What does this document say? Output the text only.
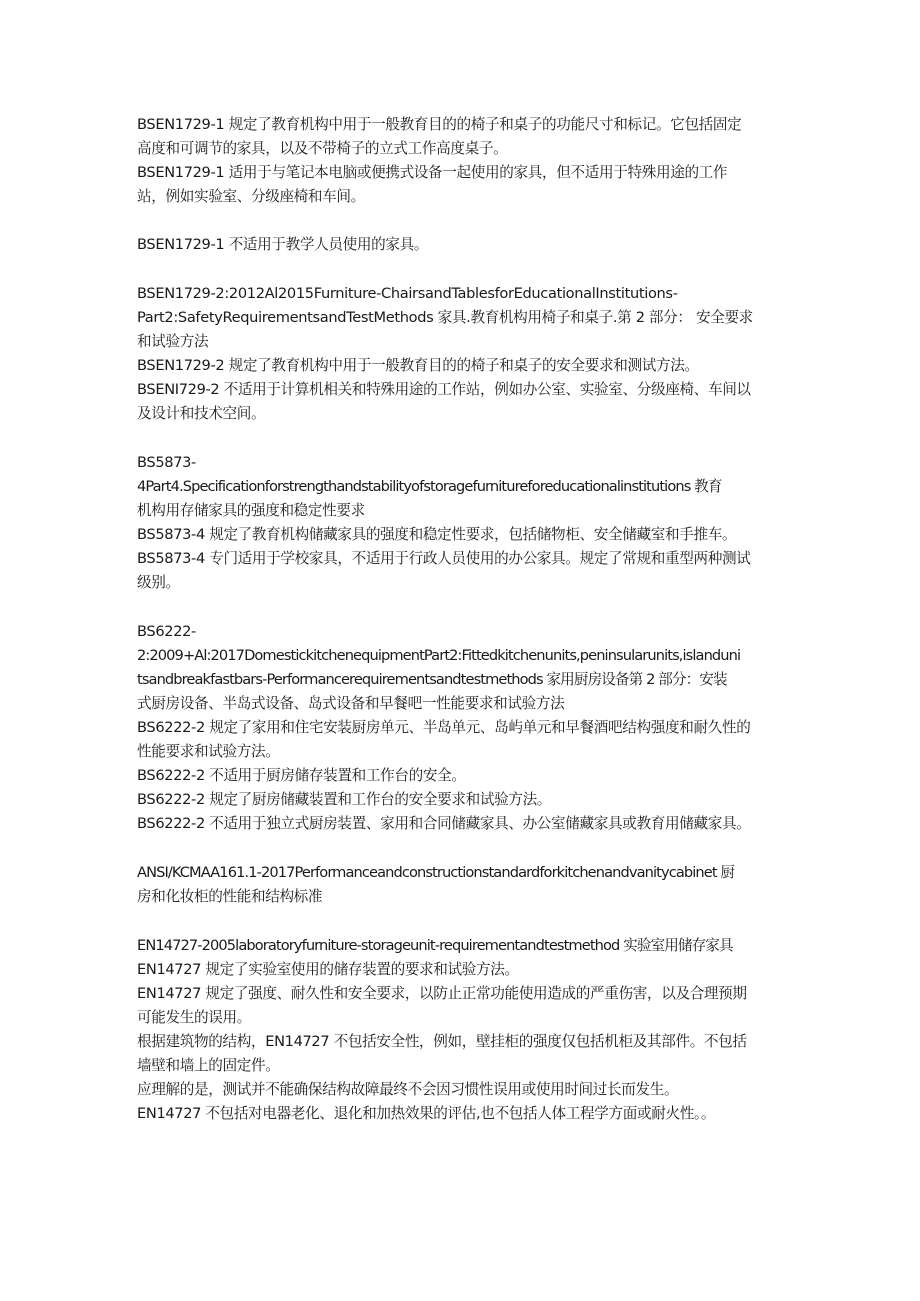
BSEN1729-1 规定了教育机构中用于一般教育目的的椅子和桌子的功能尺寸和标记。它包括固定
高度和可调节的家具，以及不带椅子的立式工作高度桌子。
BSEN1729-1 适用于与笔记本电脑或便携式设备一起使用的家具，但不适用于特殊用途的工作
站，例如实验室、分级座椅和车间。
BSEN1729-1 不适用于教学人员使用的家具。
BSEN1729-2:2012Al2015Furniture-ChairsandTablesforEducationalInstitutions-
Part2:SafetyRequirementsandTestMethods 家具.教育机构用椅子和桌子.第 2 部分： 安全要求
和试验方法
BSEN1729-2 规定了教育机构中用于一般教育目的的椅子和桌子的安全要求和测试方法。
BSENI729-2 不适用于计算机相关和特殊用途的工作站，例如办公室、实验室、分级座椅、车间以
及设计和技术空间。
BS5873-
4Part4.Specificationforstrengthandstabilityofstoragefurnitureforeducationalinstitutions 教育
机构用存储家具的强度和稳定性要求
BS5873-4 规定了教育机构储藏家具的强度和稳定性要求，包括储物柜、安全储藏室和手推车。
BS5873-4 专门适用于学校家具，不适用于行政人员使用的办公家具。规定了常规和重型两种测试
级别。
BS6222-
2:2009+Al:2017DomestickitchenequipmentPart2:Fittedkitchenunits,peninsularunits,islanduni
tsandbreakfastbars-Performancerequirementsandtestmethods 家用厨房设备第 2 部分：安装
式厨房设备、半岛式设备、岛式设备和早餐吧一性能要求和试验方法
BS6222-2 规定了家用和住宅安装厨房单元、半岛单元、岛屿单元和早餐酒吧结构强度和耐久性的
性能要求和试验方法。
BS6222-2 不适用于厨房储存装置和工作台的安全。
BS6222-2 规定了厨房储藏装置和工作台的安全要求和试验方法。
BS6222-2 不适用于独立式厨房装置、家用和合同储藏家具、办公室储藏家具或教育用储藏家具。
ANSI/KCMAA161.1-2017Performanceandconstructionstandardforkitchenandvanitycabinet 厨
房和化妆柜的性能和结构标准
EN14727-2005laboratoryfurniture-storageunit-requirementandtestmethod 实验室用储存家具
EN14727 规定了实验室使用的储存装置的要求和试验方法。
EN14727 规定了强度、耐久性和安全要求，以防止正常功能使用造成的严重伤害，以及合理预期
可能发生的误用。
根据建筑物的结构，EN14727 不包括安全性，例如，壁挂柜的强度仅包括机柜及其部件。不包括
墙壁和墙上的固定件。
应理解的是，测试并不能确保结构故障最终不会因习惯性误用或使用时间过长而发生。
EN14727 不包括对电器老化、退化和加热效果的评估,也不包括人体工程学方面或耐火性。。
